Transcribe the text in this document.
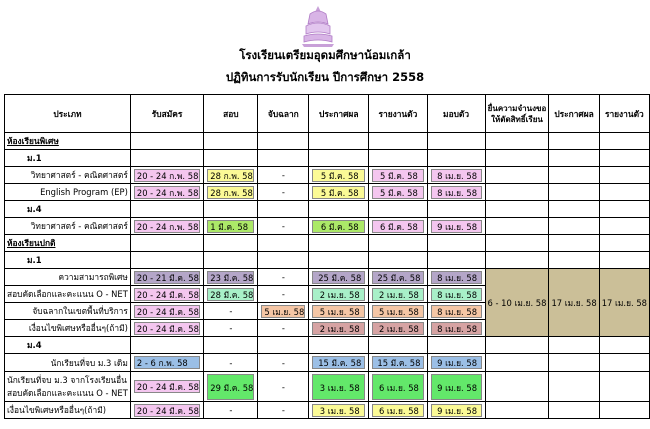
โรงเรียนเตรียมอุดมศึกษาน้อมเกล้า
ปฏิทินการรับนักเรียน ปีการศึกษา 2558
ประเภท	รับสมัคร	สอบ	จับฉลาก	ประกาศผล	รายงานตัว	มอบตัว	ยื่นความจำนงขอให้ตัดสิทธิ์เรียน	ประกาศผล	รายงานตัว
ห้องเรียนพิเศษ									
ม.1									
วิทยาศาสตร์ - คณิตศาสตร์	20 - 24 ก.พ. 58	28 ก.พ. 58	-	5 มี.ค. 58	5 มี.ค. 58	8 เม.ย. 58			

English Program (EP)	20 - 24 ก.พ. 58	28 ก.พ. 58	-	5 มี.ค. 58	5 มี.ค. 58	8 เม.ย. 58			

ม.4									
วิทยาศาสตร์ - คณิตศาสตร์	20 - 24 ก.พ. 58	1 มี.ค. 58	-	6 มี.ค. 58	6 มี.ค. 58	9 เม.ย. 58			

ห้องเรียนปกติ									
ม.1									
ความสามารถพิเศษ	20 - 21 มี.ค. 58	23 มี.ค. 58	-	25 มี.ค. 58	25 มี.ค. 58	8 เม.ย. 58	6 - 10 เม.ย. 58	17 เม.ย. 58	17 เม.ย. 58
สอบคัดเลือกและคะแนน O - NET	20 - 24 มี.ค. 58	28 มี.ค. 58	-	2 เม.ย. 58	2 เม.ย. 58	8 เม.ย. 58			

จับฉลากในเขตพื้นที่บริการ	20 - 24 มี.ค. 58	-	5 เม.ย. 58	5 เม.ย. 58	5 เม.ย. 58	8 เม.ย. 58			

เงื่อนไขพิเศษหรืออื่นๆ(ถ้ามี)	20 - 24 มี.ค. 58	-	-	2 เม.ย. 58	2 เม.ย. 58	8 เม.ย. 58			

ม.4									
นักเรียนที่จบ ม.3 เดิม	2 - 6 ก.พ. 58	-	-	15 มี.ค. 58	15 มี.ค. 58	9 เม.ย. 58			

นักเรียนที่จบ ม.3 จากโรงเรียนอื่น สอบคัดเลือกและคะแนน O - NET	20 - 24 มี.ค. 58	29 มี.ค. 58	-	3 เม.ย. 58	6 เม.ย. 58	9 เม.ย. 58			

เงื่อนไขพิเศษหรืออื่นๆ(ถ้ามี)	20 - 24 มี.ค. 58	-	-	3 เม.ย. 58	6 เม.ย. 58	9 เม.ย. 58			
